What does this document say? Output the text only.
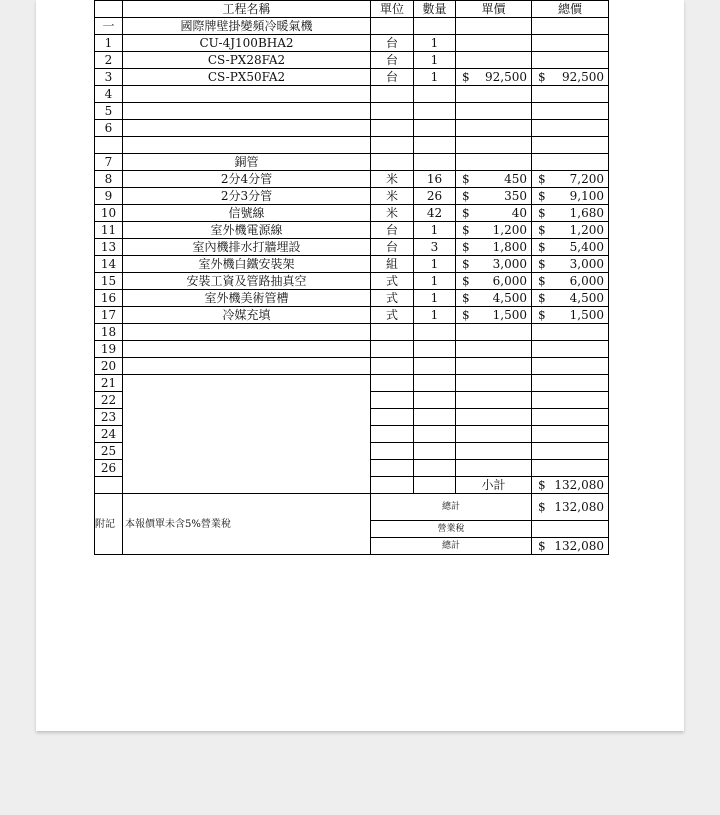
	工程名稱	單位	數量	單價	總價
一	國際牌壁掛變頻冷暖氣機				
1	CU-4J100BHA2	台	1		
2	CS-PX28FA2	台	1		
3	CS-PX50FA2	台	1	$ 92,500	$ 92,500

4					
5					
6					

7	銅管				
8	2分4分管	米	16	$ 450	$ 7,200

9	2分3分管	米	26	$ 350	$ 9,100

10	信號線	米	42	$ 40	$ 1,680

11	室外機電源線	台	1	$ 1,200	$ 1,200

13	室內機排水打牆埋設	台	3	$ 1,800	$ 5,400

14	室外機白鐵安裝架	組	1	$ 3,000	$ 3,000

15	安裝工資及管路抽真空	式	1	$ 6,000	$ 6,000

16	室外機美術管槽	式	1	$ 4,500	$ 4,500

17	冷媒充填	式	1	$ 1,500	$ 1,500

18					
19					
20					
21					
22					
23					
24					
25					
26					
				小計	$ 132,080

附記	本報價單未含5%營業稅	總計			$ 132,080

		營業稅			
		總計			$ 132,080
